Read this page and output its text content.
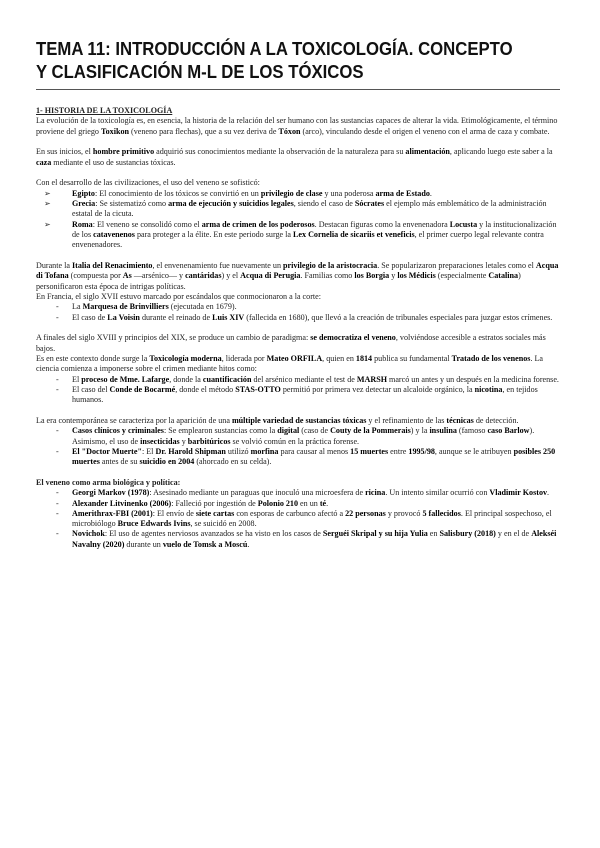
TEMA 11: INTRODUCCIÓN A LA TOXICOLOGÍA. CONCEPTO Y CLASIFICACIÓN M-L DE LOS TÓXICOS

1- HISTORIA DE LA TOXICOLOGÍA

La evolución de la toxicología es, en esencia, la historia de la relación del ser humano con las sustancias capaces de alterar la vida. Etimológicamente, el término proviene del griego Toxikon (veneno para flechas), que a su vez deriva de Tóxon (arco), vinculando desde el origen el veneno con el arma de caza y combate.

En sus inicios, el hombre primitivo adquirió sus conocimientos mediante la observación de la naturaleza para su alimentación, aplicando luego este saber a la caza mediante el uso de sustancias tóxicas.

Con el desarrollo de las civilizaciones, el uso del veneno se sofisticó:

➢	Egipto: El conocimiento de los tóxicos se convirtió en un privilegio de clase y una poderosa arma de Estado.
➢	Grecia: Se sistematizó como arma de ejecución y suicidios legales, siendo el caso de Sócrates el ejemplo más emblemático de la administración estatal de la cicuta.
➢	Roma: El veneno se consolidó como el arma de crimen de los poderosos. Destacan figuras como la envenenadora Locusta y la institucionalización de los catavenenos para proteger a la élite. En este periodo surge la Lex Cornelia de sicariis et veneficis, el primer cuerpo legal relevante contra envenenadores.

Durante la Italia del Renacimiento, el envenenamiento fue nuevamente un privilegio de la aristocracia. Se popularizaron preparaciones letales como el Acqua di Tofana (compuesta por As —arsénico— y cantáridas) y el Acqua di Perugia. Familias como los Borgia y los Médicis (especialmente Catalina) personificaron esta época de intrigas políticas.

En Francia, el siglo XVII estuvo marcado por escándalos que conmocionaron a la corte:

- La Marquesa de Brinvilliers (ejecutada en 1679).
- El caso de La Voisin durante el reinado de Luis XIV (fallecida en 1680), que llevó a la creación de tribunales especiales para juzgar estos crímenes.

A finales del siglo XVIII y principios del XIX, se produce un cambio de paradigma: se democratiza el veneno, volviéndose accesible a estratos sociales más bajos.

Es en este contexto donde surge la Toxicología moderna, liderada por Mateo ORFILA, quien en 1814 publica su fundamental Tratado de los venenos. La ciencia comienza a imponerse sobre el crimen mediante hitos como:

- El proceso de Mme. Lafarge, donde la cuantificación del arsénico mediante el test de MARSH marcó un antes y un después en la medicina forense.
- El caso del Conde de Bocarmé, donde el método STAS-OTTO permitió por primera vez detectar un alcaloide orgánico, la nicotina, en tejidos humanos.

La era contemporánea se caracteriza por la aparición de una múltiple variedad de sustancias tóxicas y el refinamiento de las técnicas de detección.

- Casos clínicos y criminales: Se emplearon sustancias como la digital (caso de Couty de la Pommerais) y la insulina (famoso caso Barlow). Asimismo, el uso de insecticidas y barbitúricos se volvió común en la práctica forense.
- El "Doctor Muerte": El Dr. Harold Shipman utilizó morfina para causar al menos 15 muertes entre 1995/98, aunque se le atribuyen posibles 250 muertes antes de su suicidio en 2004 (ahorcado en su celda).

El veneno como arma biológica y política:

- Georgi Markov (1978): Asesinado mediante un paraguas que inoculó una microesfera de ricina. Un intento similar ocurrió con Vladimir Kostov.
- Alexander Litvinenko (2006): Falleció por ingestión de Polonio 210 en un té.
- Amerithrax-FBI (2001): El envío de siete cartas con esporas de carbunco afectó a 22 personas y provocó 5 fallecidos. El principal sospechoso, el microbiólogo Bruce Edwards Ivins, se suicidó en 2008.
- Novichok: El uso de agentes nerviosos avanzados se ha visto en los casos de Serguéi Skripal y su hija Yulia en Salisbury (2018) y en el de Alekséi Navalny (2020) durante un vuelo de Tomsk a Moscú.
